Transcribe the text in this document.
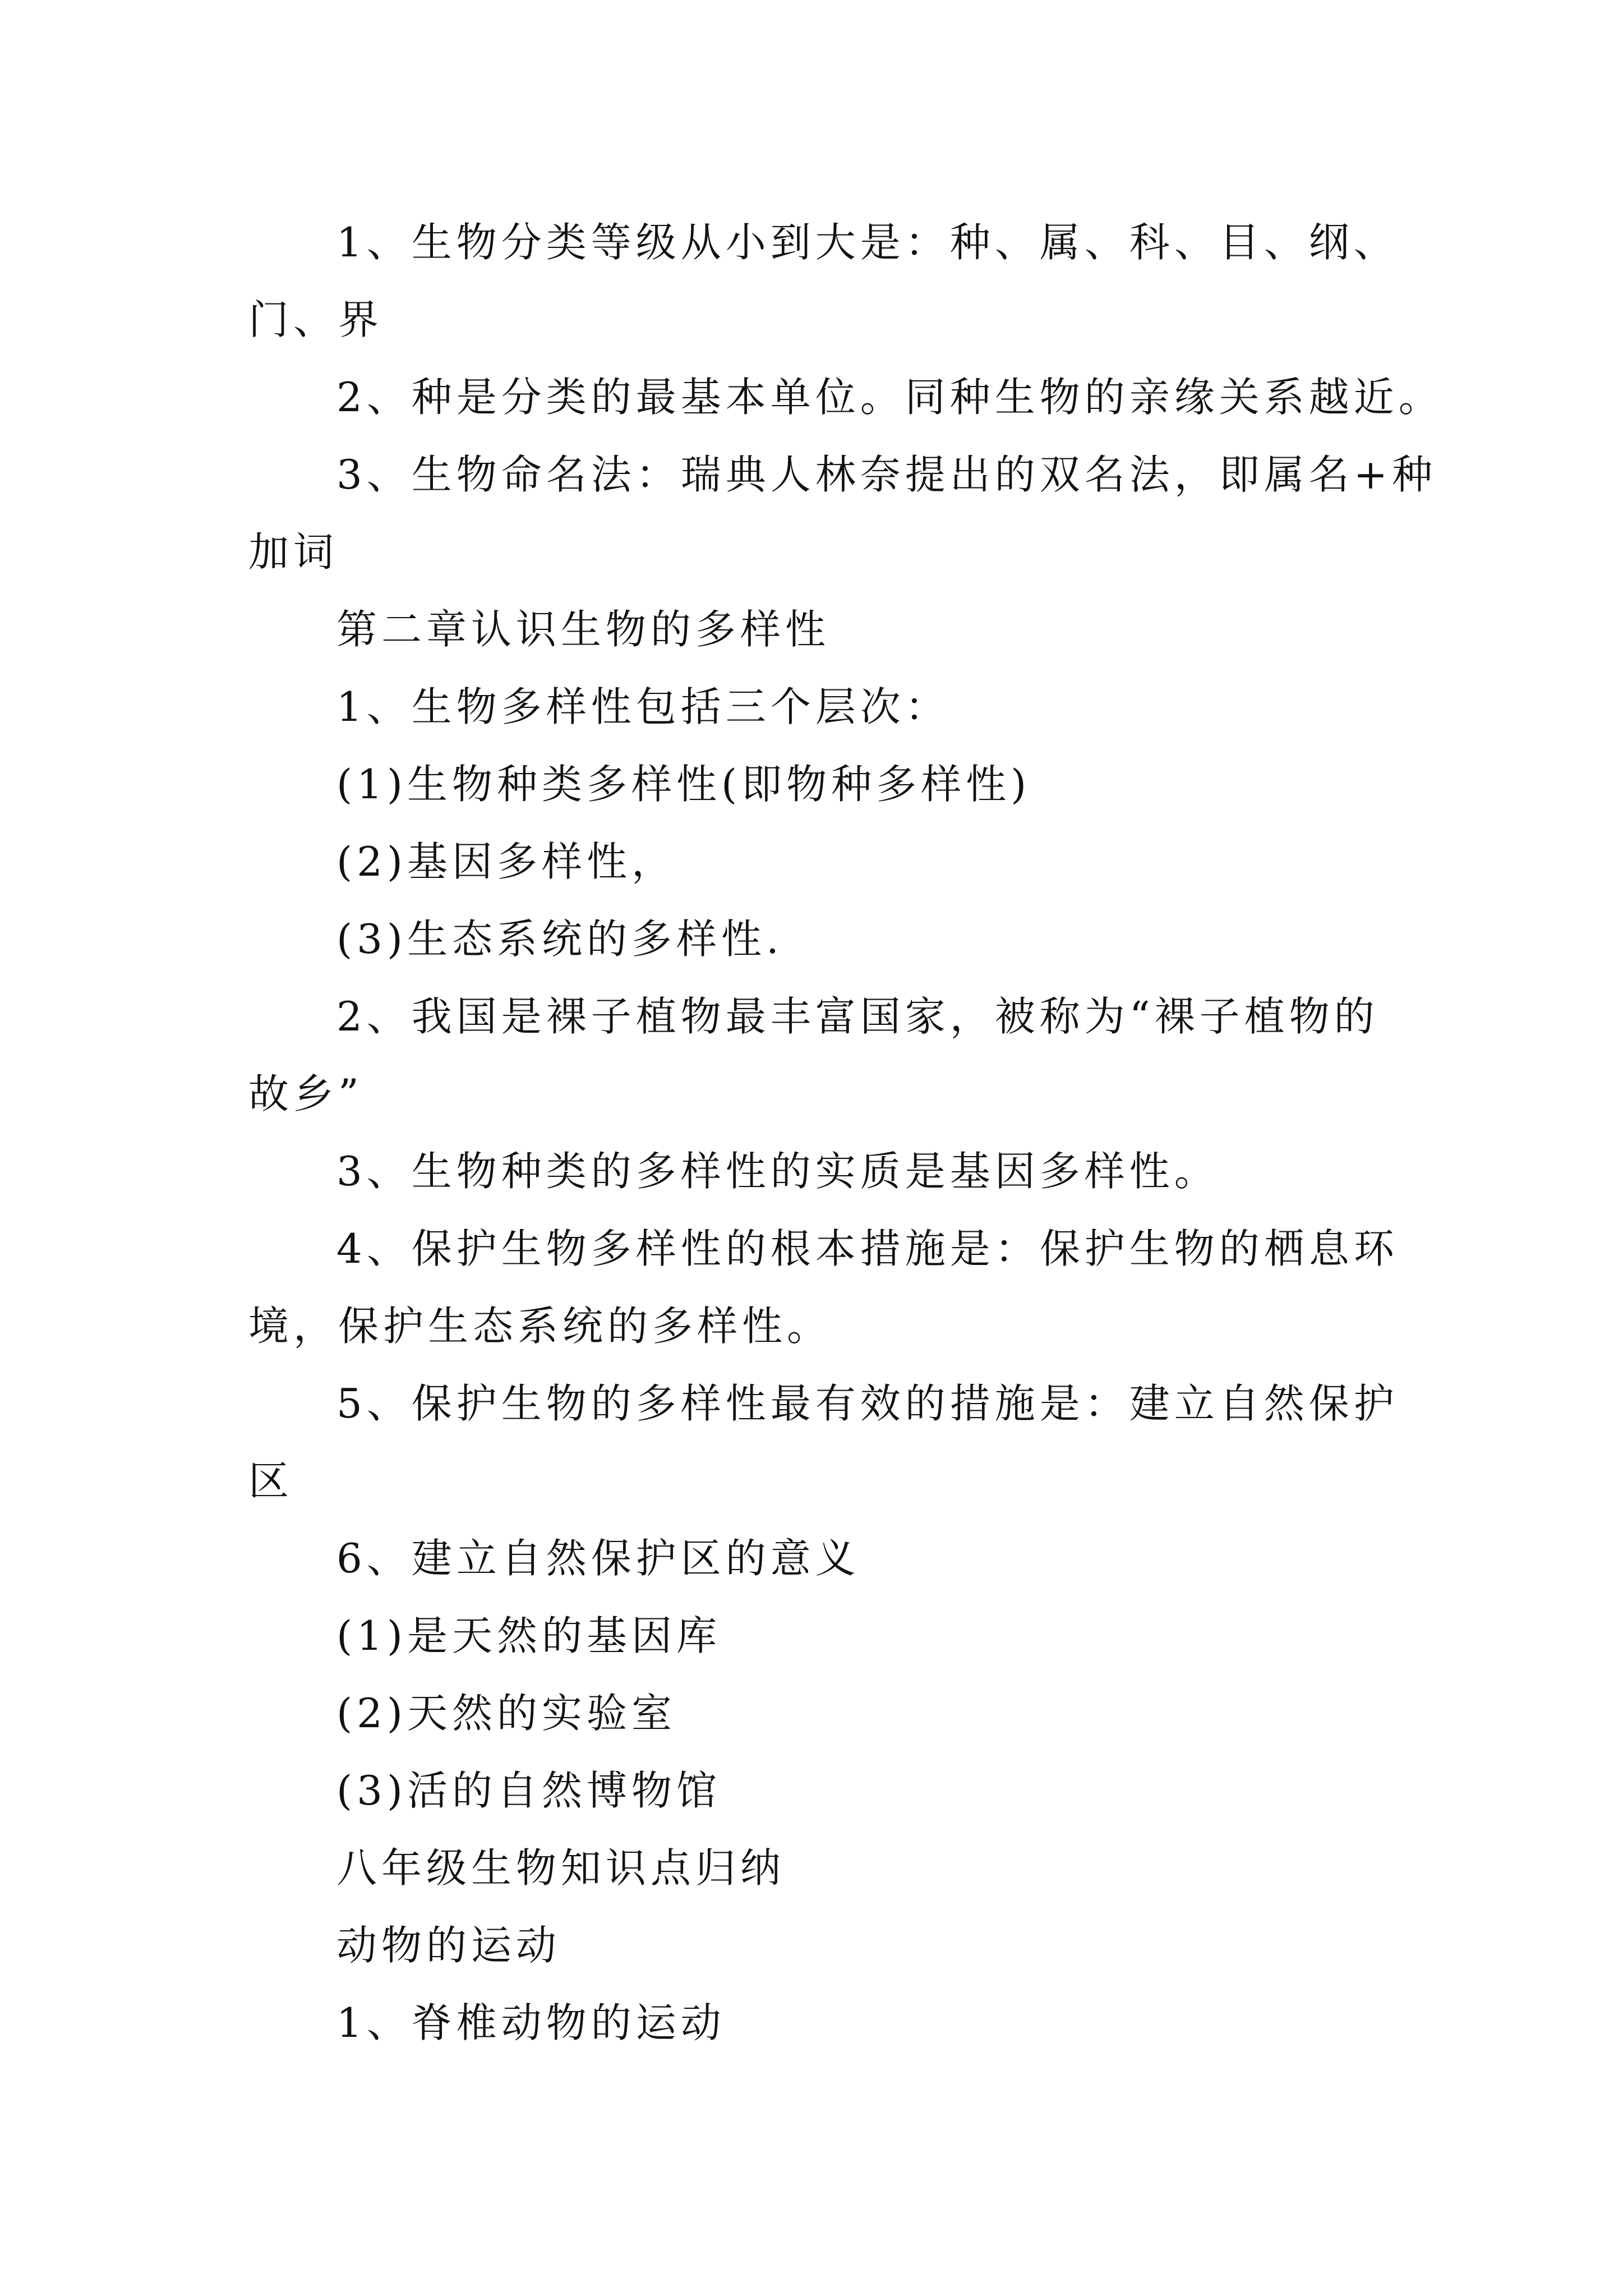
1、生物分类等级从小到大是：种、属、科、目、纲、
门、界
2、种是分类的最基本单位。同种生物的亲缘关系越近。
3、生物命名法：瑞典人林奈提出的双名法，即属名+种
加词
第二章认识生物的多样性
1、生物多样性包括三个层次：
(1)生物种类多样性(即物种多样性)
(2)基因多样性，
(3)生态系统的多样性.
2、我国是裸子植物最丰富国家，被称为“裸子植物的
故乡”
3、生物种类的多样性的实质是基因多样性。
4、保护生物多样性的根本措施是：保护生物的栖息环
境，保护生态系统的多样性。
5、保护生物的多样性最有效的措施是：建立自然保护
区
6、建立自然保护区的意义
(1)是天然的基因库
(2)天然的实验室
(3)活的自然博物馆
八年级生物知识点归纳
动物的运动
1、脊椎动物的运动
